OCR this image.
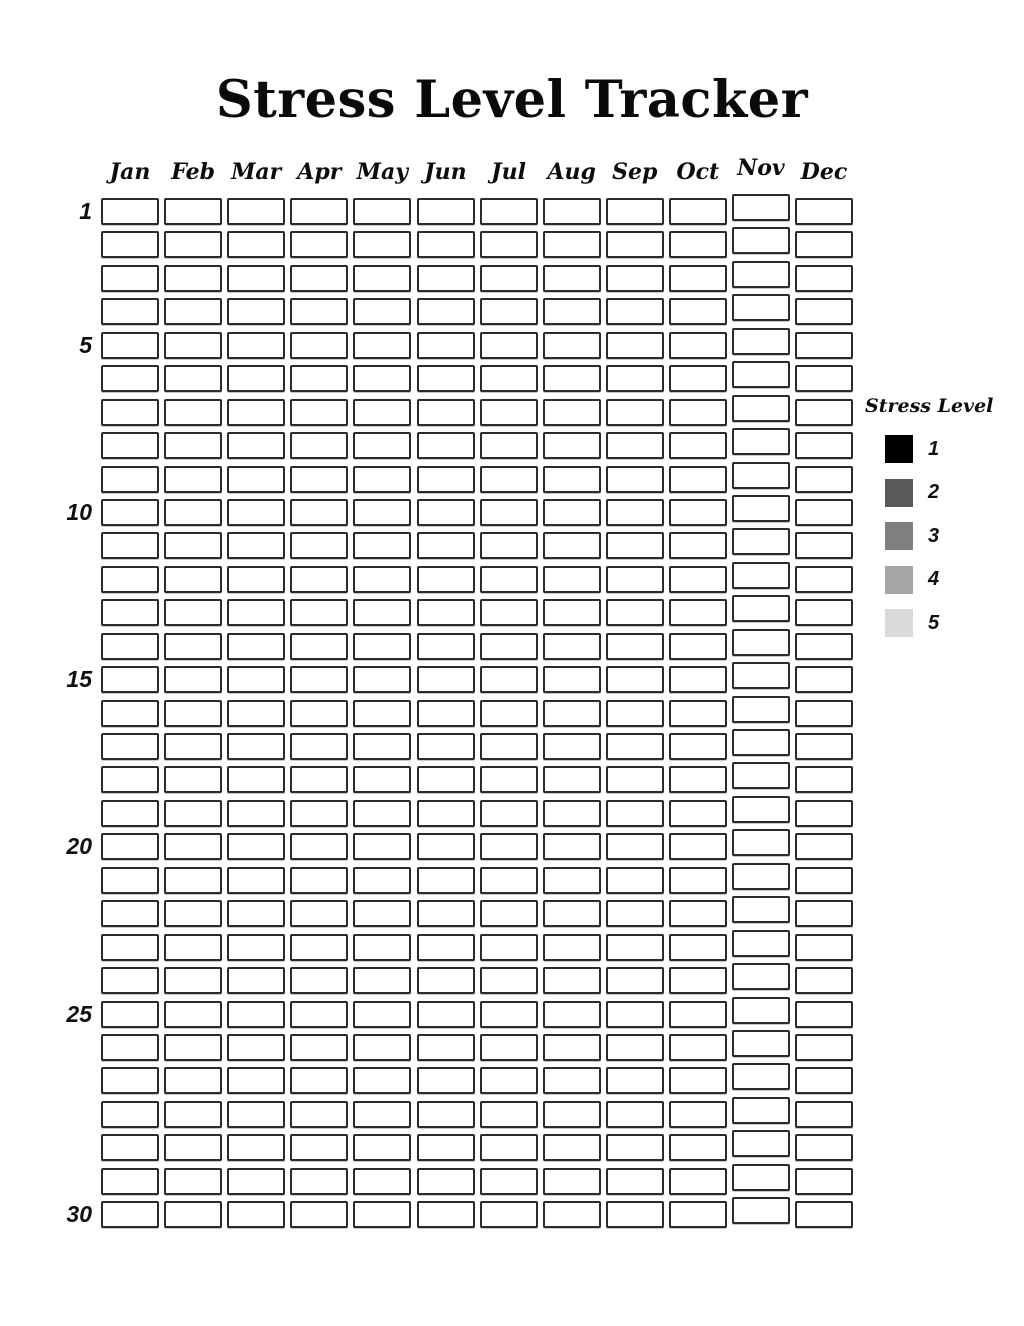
Stress Level Tracker
Jan Feb Mar Apr May Jun	Jul Aug Sep Oct Nov Dec
1
5
10
15
20
25
30
Stress Level
1
2
3
4
5
